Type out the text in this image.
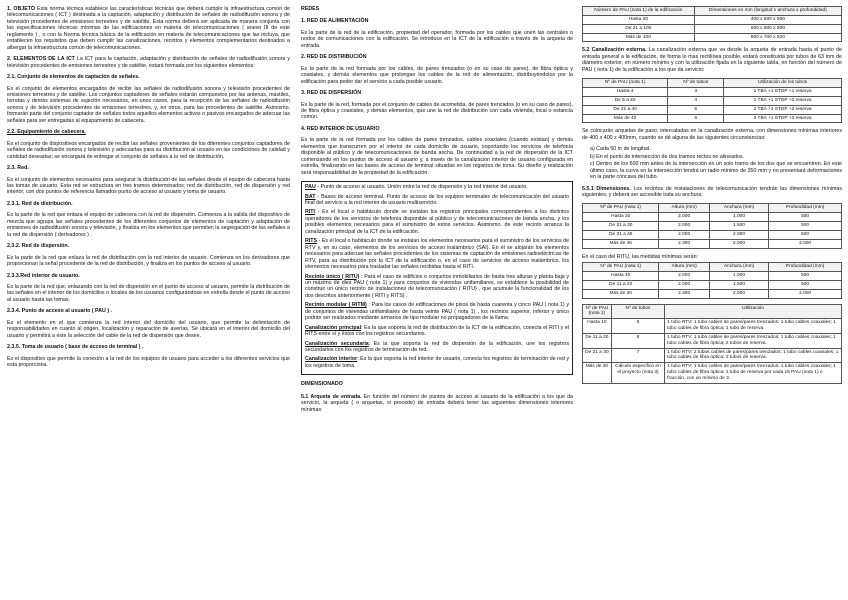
1. OBJETO Esta norma técnica establece las características técnicas que deberá cumplir la infraestructura común de telecomunicaciones ( ICT ) destinada a la captación, adaptación y distribución de señales de radiodifusión sonora y de televisión procedentes de emisiones terrestres y de satélite. Esta norma deberá ser aplicada de manera conjunta con las especificaciones técnicas mínimas de las edificaciones en materia de telecomunicaciones ( anexo III de este reglamento ) , o con la Norma técnica básica de la edificación en materia de telecomunicaciones que las incluya, que establecen los requisitos que deben cumplir las canalizaciones, recintos y elementos complementarios destinados a albergar la infraestructura común de telecomunicaciones.

2. ELEMENTOS DE LA ICT La ICT para la captación, adaptación y distribución de señales de radiodifusión sonora y televisión procedentes de emisiones terrestres y de satélite, estará formada por los siguientes elementos:

2.1. Conjunto de elementos de captación de señales.

Es el conjunto de elementos encargados de recibir las señales de radiodifusión sonora y televisión procedentes de emisiones terrestres y de satélite. Los conjuntos captadores de señales estarán compuestos por las antenas, mástiles, torretas y demás sistemas de sujeción necesarios, en unos casos, para la recepción de las señales de radiodifusión sonora y de televisión procedentes de emisiones terrestres, y, en otros, para las procedentes de satélite. Asimismo, formarán parte del conjunto captador de señales todos aquellos elementos activos o pasivos encargados de adecuar las señales para ser entregadas al equipamiento de cabecera.

2.2. Equipamiento de cabecera.

Es el conjunto de dispositivos encargados de recibir las señales provenientes de los diferentes conjuntos captadores de señales de radiodifusión sonora y televisión y adecuarlas para su distribución al usuario en las condiciones de calidad y cantidad deseadas; se encargará de entregar el conjunto de señales a la red de distribución.

2.3. Red.

Es el conjunto de elementos necesarios para asegurar la distribución de las señales desde el equipo de cabecera hasta las tomas de usuario. Esta red se estructura en tres tramos determinados, red de distribución, red de dispersión y red interior, con dos puntos de referencia llamados punto de acceso al usuario y toma de usuario.

2.3.1. Red de distribución.

Es la parte de la red que enlaza el equipo de cabecera con la red de dispersión. Comienza a la salida del dispositivo de mezcla que agrupa las señales procedentes de los diferentes conjuntos de elementos de captación y adaptación de emisiones de radiodifusión sonora y televisión, y finaliza en los elementos que permiten la segregación de las señales a la red de dispersión ( derivadores ) .

2.3.2. Red de dispersión.

Es la parte de la red que enlaza la red de distribución con la red interior de usuario. Comienza en los derivadores que proporcionan la señal procedente de la red de distribución, y finaliza en los puntos de acceso al usuario.

2.3.3.Red interior de usuario.

Es la parte de la red que, enlazando con la red de dispersión en el punto de acceso al usuario, permite la distribución de las señales en el interior de los domicilios o locales de los usuarios configurándose en estrella desde el punto de acceso al usuario hasta las tomas.

2.3.4. Punto de acceso al usuario ( PAU ) .

Es el elemento en el que comienza la red interior del domicilio del usuario, que permite la delimitación de responsabilidades en cuanto al origen, localización y reparación de averías. Se ubicará en el interior del domicilio del usuario y permitirá a éste la selección del cable de la red de dispersión que desee.

2.3.5. Toma de usuario ( base de acceso de terminal ) .

Es el dispositivo que permite la conexión a la red de los equipos de usuario para acceder a los diferentes servicios que esta proporciona.

REDES

1. RED DE ALIMENTACIÓN

Es la parte de la red de la edificación, propiedad del operador, formada por los cables que unen las centrales o nodos de comunicaciones con la edificación. Se introduce en la ICT de la edificación a través de la arqueta de entrada.

2. RED DE DISTRIBUCIÓN

Es la parte de la red formada por los cables, de pares trenzados (o en su caso de pares), de fibra óptica y coaxiales, y demás elementos que prolongan los cables de la red de alimentación, distribuyéndolos por la edificación para poder dar el servicio a cada posible usuario.

3. RED DE DISPERSIÓN

Es la parte de la red, formada por el conjunto de cables de acometida, de pares trenzados (o en su caso de pares), de fibra óptica y coaxiales, y demás elementos, que une la red de distribución con cada vivienda, local o estancia común.

4. RED INTERIOR DE USUARIO

Es la parte de la red formada por los cables de pares trenzados, cables coaxiales (cuando existan) y demás elementos que transcurren por el interior de cada domicilio de usuario, soportando los servicios de telefonía disponible al público y de telecomunicaciones de banda ancha. De continuidad a la red de dispersión de la ICT comenzando en los puntos de acceso al usuario y, a través de la canalización interior de usuario configurada en estrella, finalizando en las bases de acceso de terminal situadas en los registros de toma. Su diseño y realización será responsabilidad de la propiedad de la edificación.

PAU - Punto de acceso al usuario. Unión entre la red de dispersión y la red interior del usuario.

BAT - Bases de acceso terminal. Punto de acceso de los equipos terminales de telecomunicación del usuario final del servicio a la red interior de usuario multiservicio.

RITI - Es el local o habitáculo donde se instalan los registros principales correspondientes a los distintos operadores de los servicios de telefonía disponible al público y de telecomunicaciones de banda ancha, y los posibles elementos necesarios para el suministro de estos servicios. Asimismo, de este recinto arranca la canalización principal de la ICT de la edificación.

RITS - Es el local o habitáculo donde se instalan los elementos necesarios para el suministro de los servicios de RTV y, en su caso, elementos de los servicios de acceso inalámbrico (SAI). En él se alojarán los elementos necesarios para adecuar las señales procedentes de los sistemas de captación de emisiones radioeléctricas de RTV, para su distribución por la ICT de la edificación o, en el caso de servicios de acceso inalámbrico, los elementos necesarios para trasladar las señales recibidas hasta el RITI.

Recinto único ( RITU) : Para el caso de edificios o conjuntos inmobiliarios de hasta tres alturas y planta baja y un máximo de diez PAU ( nota 1) y para conjuntos de viviendas unifamiliares, se establece la posibilidad de construir un único recinto de instalaciones de telecomunicación ( RITU) , que acumule la funcionalidad de los dos descritos anteriormente ( RITI y RITS) .

Recinto modular ( RITM) : Para los casos de edificaciones de pisos de hasta cuarenta y cinco PAU ( nota 1) y de conjuntos de viviendas unifamiliares de hasta veinte PAU ( nota 1) , los recintos superior, inferior y único podrán ser realizados mediante armarios de tipo modular no propagadores de la llama.

Canalización principal: Es la que soporta la red de distribución de la ICT de la edificación, conecta el RITI y el RITS entre sí y éstos con los registros secundarios.

Canalización secundaria: Es la que soporta la red de dispersión de la edificación, une los registros secundarios con los registros de terminación de red.

Canalización interior: Es la que soporta la red interior de usuario, conecta los registros de terminación de red y los registros de toma.

DIMENSIONADO

5.1 Arqueta de entrada. En función del número de puntos de acceso al usuario de la edificación a los que da servicio, la arqueta ( o arquetas, si procede) de entrada deberá tener las siguientes dimensiones interiores mínimas:

Número de PAU (nota 1) de la edificación	Dimensiones en mm (longitud x anchura x profundidad)
Hasta 20	400 x 600 x 800
De 21 a 100	600 x 800 x 800
Más de 100	800 x 700 x 820

5.2 Canalización externa. La canalización externa que va desde la arqueta de entrada hasta el punto de entrada general a la edificación, de forma lo mas rectilínea posible, estará constituida por tubos de 63 mm de diámetro exterior, en número mínimo y con la utilización fijada en la siguiente tabla, en función del número de PAU ( nota 1) de la edificación a los que da servicio:

Nº de PAU (nota 1)	Nº de tubos	Utilización de los tubos
Hasta 4	3	1 TBA +1 STDP +1 reserva
De 5 a 20	4	1 TBA +1 STDP +2 reserva
De 21 a 40	5	2 TBA +1 STDP +2 reserva
Más de 40	6	3 TBA +1 STDP +2 reserva

Se colocarán arquetas de paso, intercaladas en la canalización externa, con dimensiones mínimas interiores de 400 x 400 x 400mm, cuando se dé alguna de las siguientes circunstancias:

a) Cada 50 m de longitud.

b) En el punto de intersección de dos tramos rectos no alineados.

c) Dentro de los 600 mm antes de la intersección en un solo tramo de los dos que se encuentren. En este último caso, la curva en la intersección tendrá un radio mínimo de 350 mm y no presentará deformaciones en la parte cóncava del tubo.

5.5.1 Dimensiones. Los recintos de instalaciones de telecomunicación tendrán las dimensiones mínimas siguientes, y deberá ser accesible toda su anchura:

Nº de PAU (nota 1)	Altura (mm)	Anchura (mm)	Profundidad (mm)
Hasta 20	2.000	1.000	500
De 21 a 30	2.000	1.500	500
De 31 a 45	2.000	2.000	500
Más de 45	2.300	2.000	2.000

En el caso del RITU, las medidas mínimas serán:

Nº de PAU (nota 1)	Altura (mm)	Anchura (mm)	Profundidad (mm)
Hasta 10	2.000	1.000	500
De 11 a 20	2.000	1.500	500
Más de 20	2.300	2.000	2.000
Nº de PAU (nota 1)	Nº de tubos	Utilización
Hasta 10	5	1 tubo RTV; 1 tubo cables de pares/pares trenzados; 1 tubo cables coaxiales; 1 tubo cables de fibra óptica; 1 tubo de reserva.
De 11 a 20	6	1 tubo RTV; 1 tubo cables de pares/pares trenzados; 1 tubo cables coaxiales; 1 tubo cables de fibra óptica; 2 tubos de reserva.
De 21 a 30	7	1 tubo RTV; 2 tubos cables de pares/pares trenzados; 1 tubo cables coaxiales; 1 tubo cables de fibra óptica; 2 tubos de reserva.
Más de 30	Cálculo específico en el proyecto (nota 3)	1 tubo RTV; 1 tubo cables de pares/pares trenzados; 1 tubo cables coaxiales; 1 tubo cables de fibra óptica; 1 tubo de reserva por cada 15 PAU (nota 1) o fracción, con un mínimo de 3.
